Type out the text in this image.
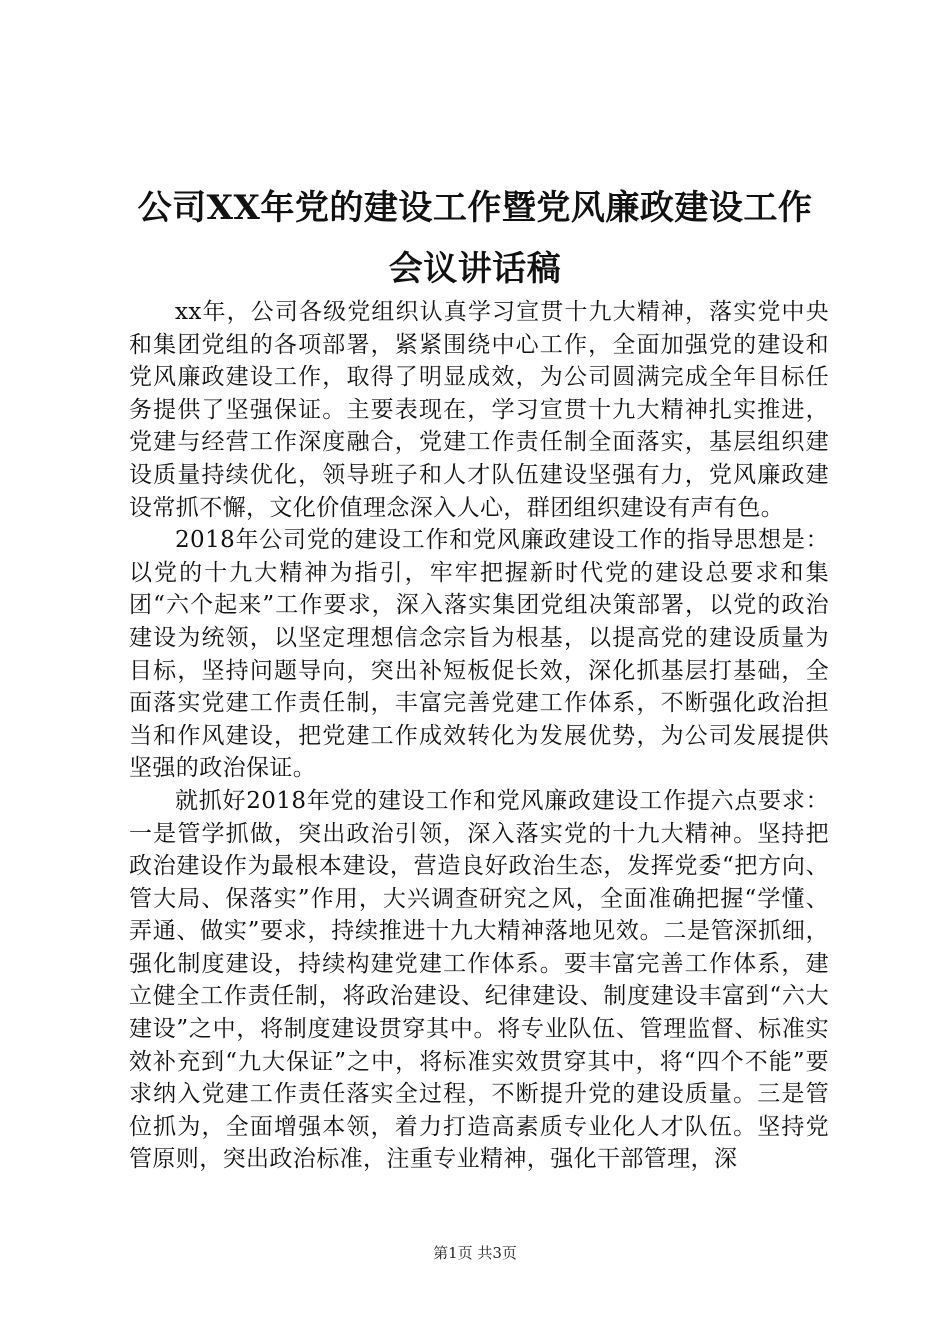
公司XX年党的建设工作暨党风廉政建设工作
会议讲话稿

xx年，公司各级党组织认真学习宣贯十九大精神，落实党中央和集团党组的各项部署，紧紧围绕中心工作，全面加强党的建设和党风廉政建设工作，取得了明显成效，为公司圆满完成全年目标任务提供了坚强保证。主要表现在，学习宣贯十九大精神扎实推进，党建与经营工作深度融合，党建工作责任制全面落实，基层组织建设质量持续优化，领导班子和人才队伍建设坚强有力，党风廉政建设常抓不懈，文化价值理念深入人心，群团组织建设有声有色。

2018年公司党的建设工作和党风廉政建设工作的指导思想是：以党的十九大精神为指引，牢牢把握新时代党的建设总要求和集团“六个起来”工作要求，深入落实集团党组决策部署，以党的政治建设为统领，以坚定理想信念宗旨为根基，以提高党的建设质量为目标，坚持问题导向，突出补短板促长效，深化抓基层打基础，全面落实党建工作责任制，丰富完善党建工作体系，不断强化政治担当和作风建设，把党建工作成效转化为发展优势，为公司发展提供坚强的政治保证。

就抓好2018年党的建设工作和党风廉政建设工作提六点要求：一是管学抓做，突出政治引领，深入落实党的十九大精神。坚持把政治建设作为最根本建设，营造良好政治生态，发挥党委“把方向、管大局、保落实”作用，大兴调查研究之风，全面准确把握“学懂、弄通、做实”要求，持续推进十九大精神落地见效。二是管深抓细，强化制度建设，持续构建党建工作体系。要丰富完善工作体系，建立健全工作责任制，将政治建设、纪律建设、制度建设丰富到“六大建设”之中，将制度建设贯穿其中。将专业队伍、管理监督、标准实效补充到“九大保证”之中，将标准实效贯穿其中，将“四个不能”要求纳入党建工作责任落实全过程，不断提升党的建设质量。三是管位抓为，全面增强本领，着力打造高素质专业化人才队伍。坚持党管原则，突出政治标准，注重专业精神，强化干部管理，深

第1页 共3页
